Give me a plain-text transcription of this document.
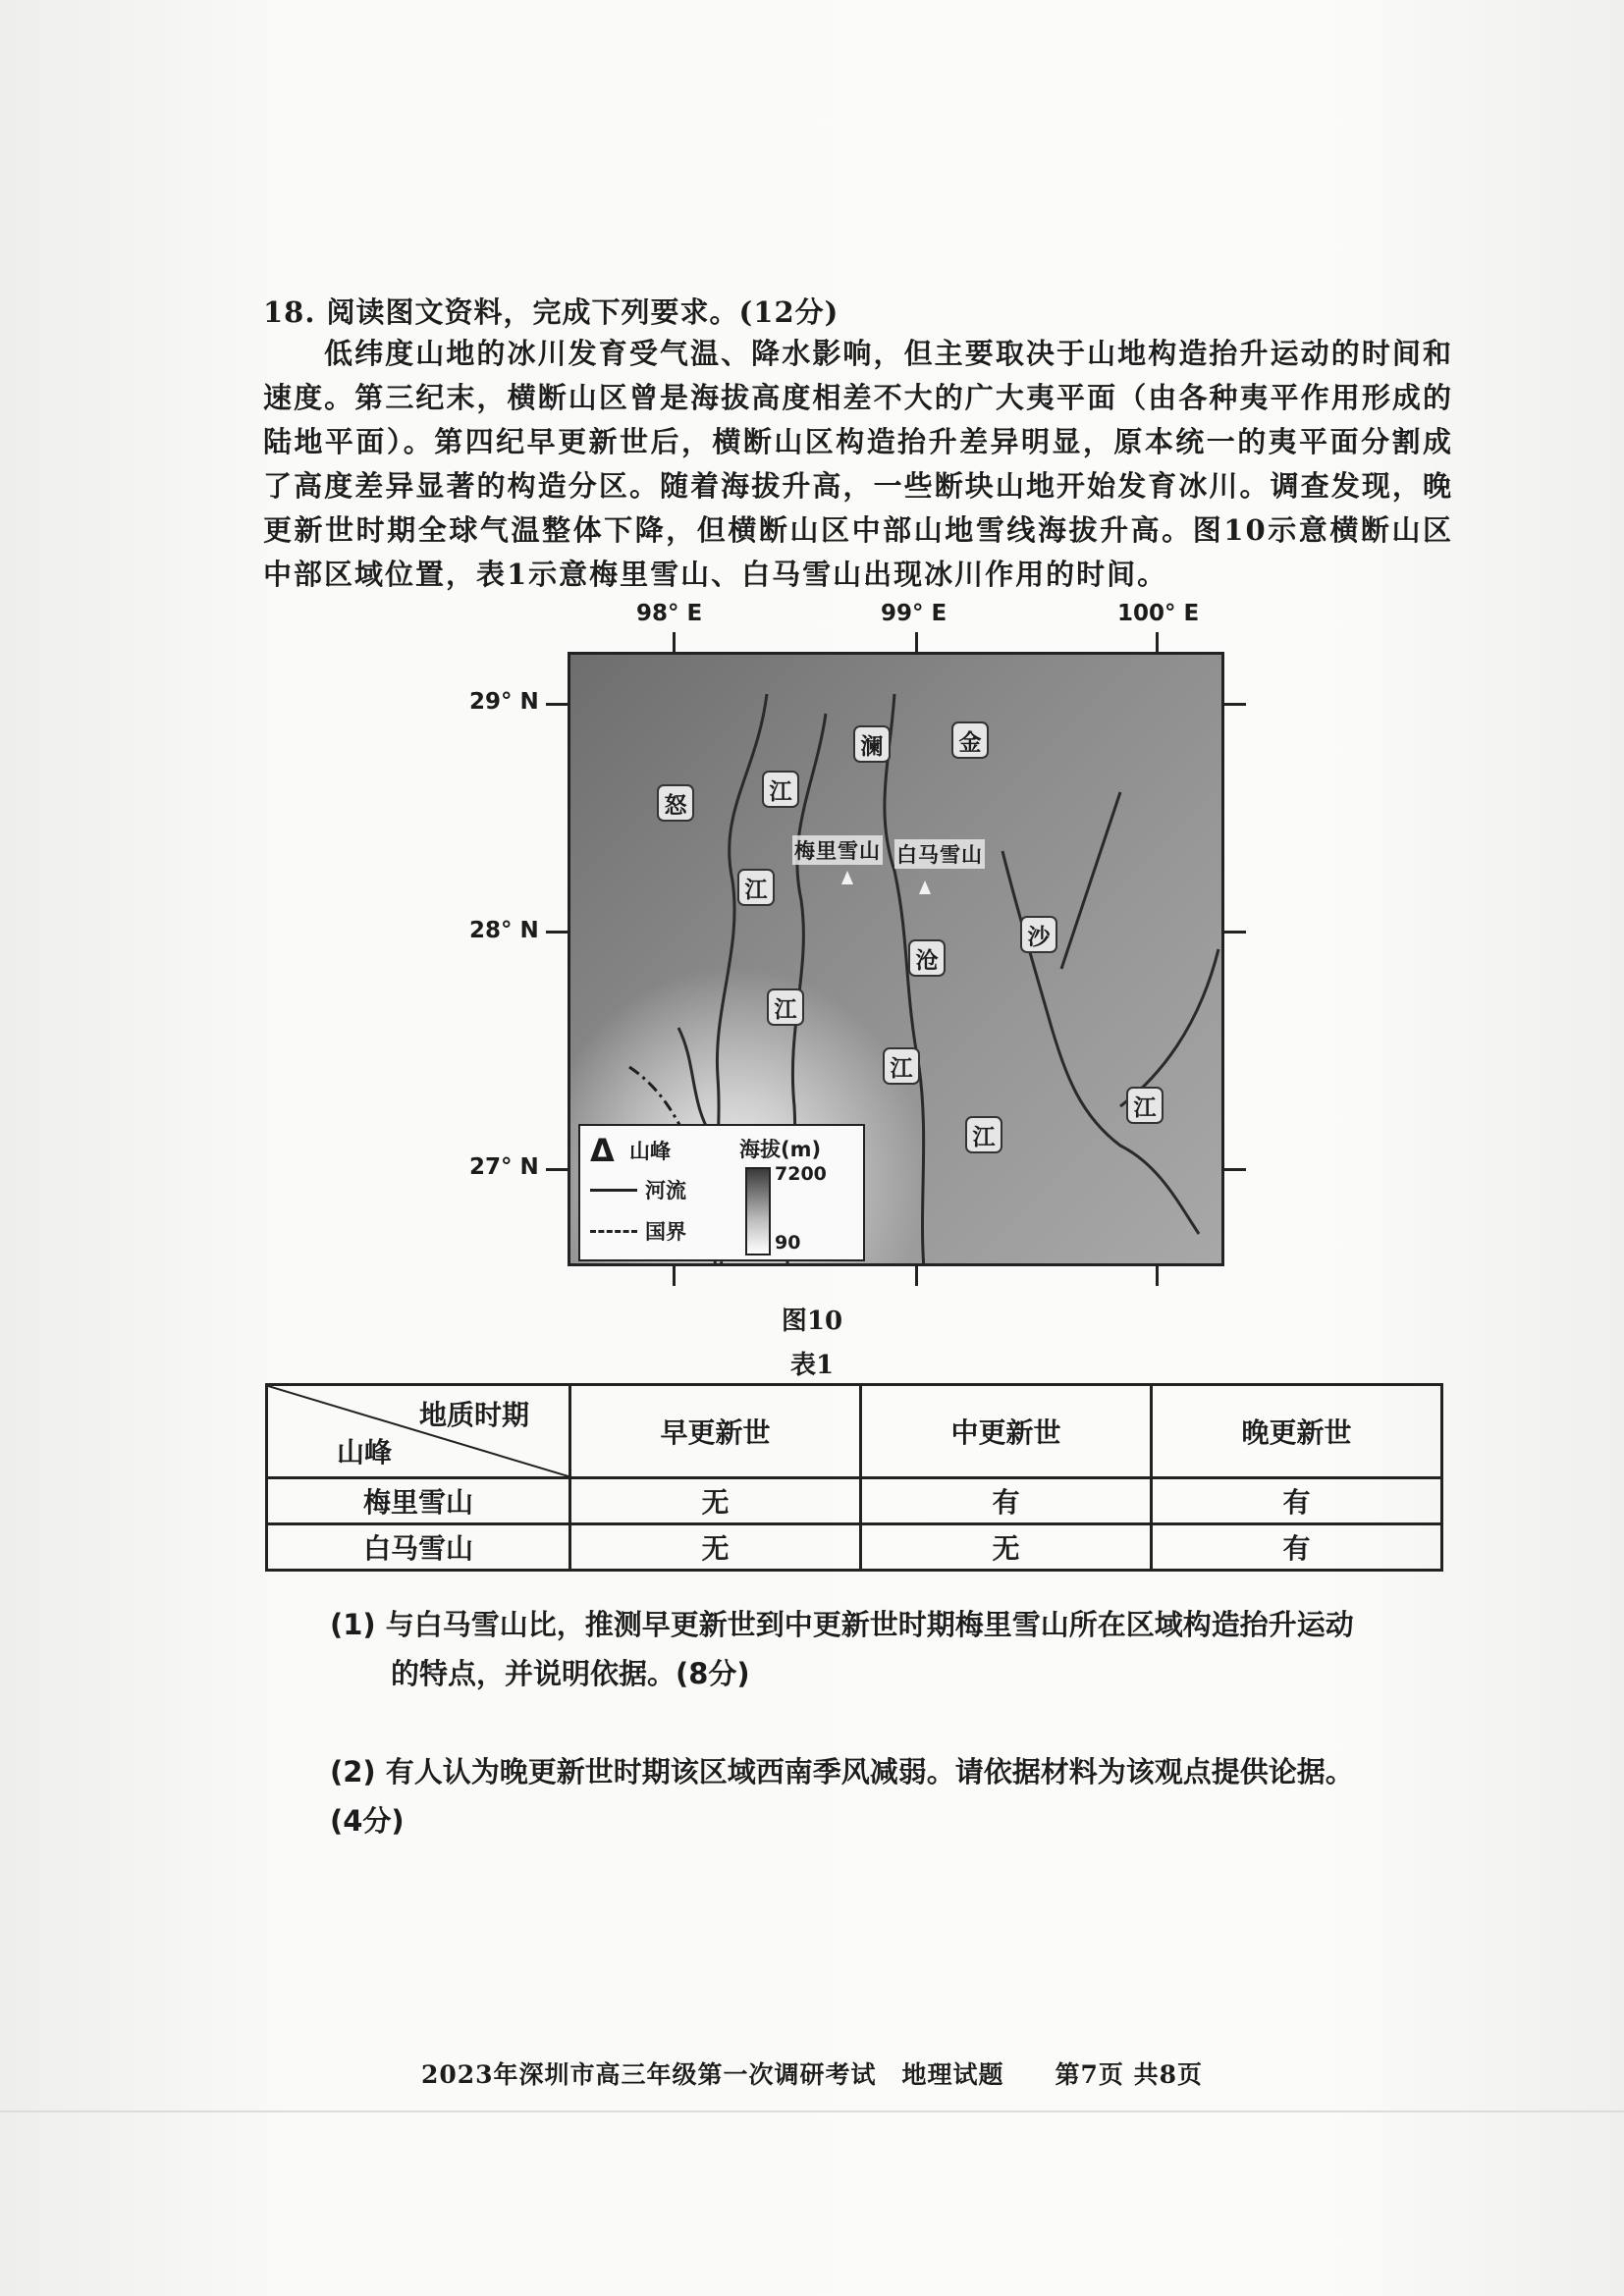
18. 阅读图文资料，完成下列要求。(12分)
低纬度山地的冰川发育受气温、降水影响，但主要取决于山地构造抬升运动的时间和速度。第三纪末，横断山区曾是海拔高度相差不大的广大夷平面（由各种夷平作用形成的陆地平面）。第四纪早更新世后，横断山区构造抬升差异明显，原本统一的夷平面分割成了高度差异显著的构造分区。随着海拔升高，一些断块山地开始发育冰川。调查发现，晚更新世时期全球气温整体下降，但横断山区中部山地雪线海拔升高。图10示意横断山区中部区域位置，表1示意梅里雪山、白马雪山出现冰川作用的时间。
98° E	99° E	100° E
29° N
28° N
27° N
澜
江
怒
金
江
沧
沙
江
江
江
江
梅里雪山 白马雪山
Δ 山峰
河流
国界
海拔(m)
7200
90
图10
表1
地质时期
山峰	早更新世	中更新世	晚更新世
梅里雪山	无	有	有
白马雪山	无	无	有
(1) 与白马雪山比，推测早更新世到中更新世时期梅里雪山所在区域构造抬升运动
的特点，并说明依据。(8分)
(2) 有人认为晚更新世时期该区域西南季风减弱。请依据材料为该观点提供论据。
(4分)
2023年深圳市高三年级第一次调研考试　地理试题　　第7页 共8页
